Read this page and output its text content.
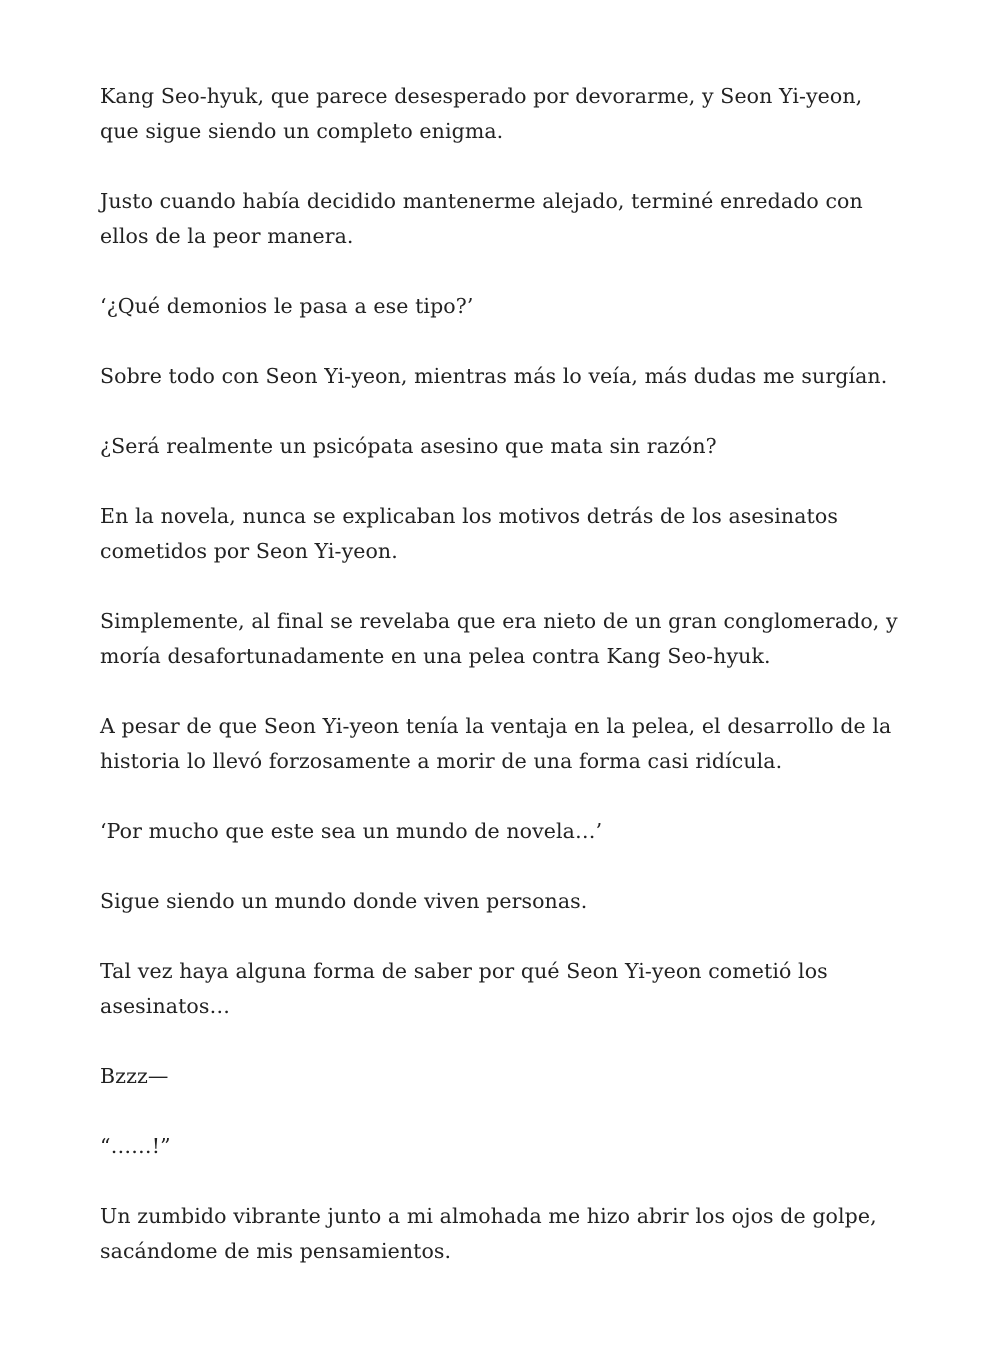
Kang Seo-hyuk, que parece desesperado por devorarme, y Seon Yi-yeon, que sigue siendo un completo enigma.

Justo cuando había decidido mantenerme alejado, terminé enredado con ellos de la peor manera.

‘¿Qué demonios le pasa a ese tipo?’

Sobre todo con Seon Yi-yeon, mientras más lo veía, más dudas me surgían.

¿Será realmente un psicópata asesino que mata sin razón?

En la novela, nunca se explicaban los motivos detrás de los asesinatos cometidos por Seon Yi-yeon.

Simplemente, al final se revelaba que era nieto de un gran conglomerado, y moría desafortunadamente en una pelea contra Kang Seo-hyuk.

A pesar de que Seon Yi-yeon tenía la ventaja en la pelea, el desarrollo de la historia lo llevó forzosamente a morir de una forma casi ridícula.

‘Por mucho que este sea un mundo de novela…’

Sigue siendo un mundo donde viven personas.

Tal vez haya alguna forma de saber por qué Seon Yi-yeon cometió los asesinatos…

Bzzz—

“……!”

Un zumbido vibrante junto a mi almohada me hizo abrir los ojos de golpe, sacándome de mis pensamientos.
